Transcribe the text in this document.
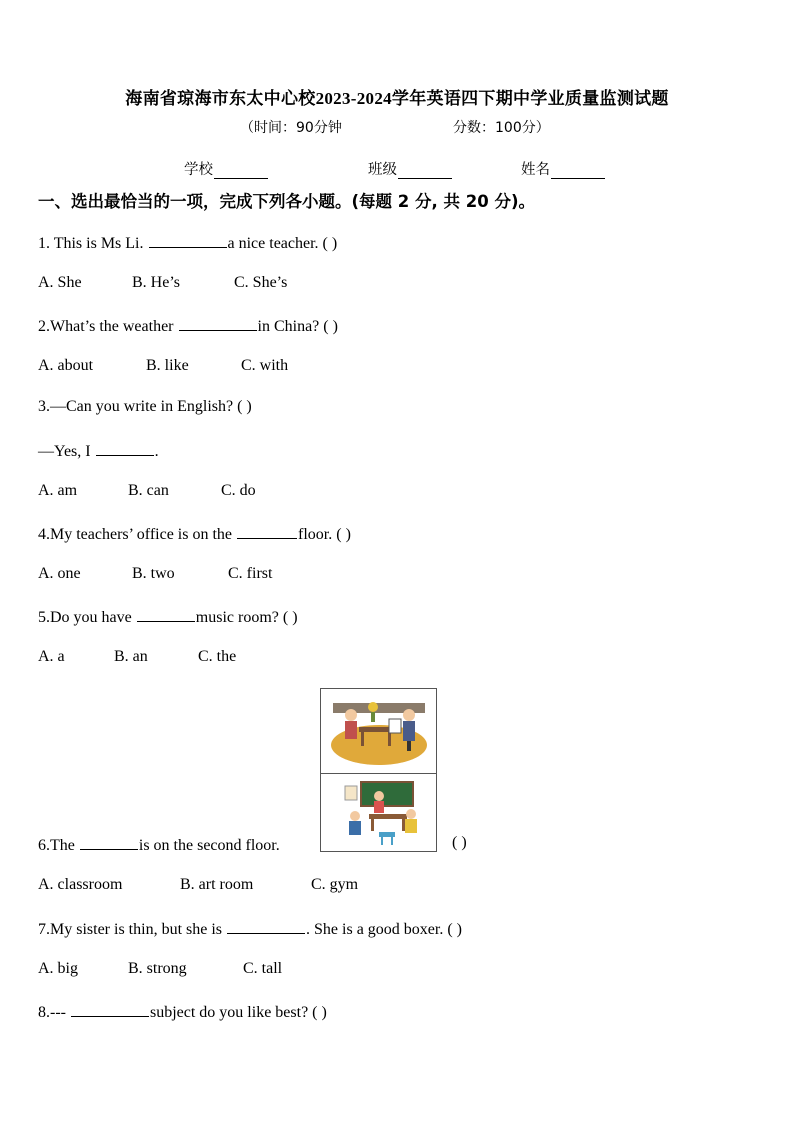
海南省琼海市东太中心校2023-2024学年英语四下期中学业质量监测试题
（时间：90分钟	分数：100分）
学校	班级	姓名
一、选出最恰当的一项，完成下列各小题。(每题 2 分, 共 20 分)。
1. This is Ms Li.	a nice teacher. ( )
A. She	B. He’s	C. She’s
2.What’s the weather	in China? ( )
A. about	B. like	C. with
3.—Can you write in English? ( )
—Yes, I	.
A. am	B. can	C. do
4.My teachers’ office is on the	floor. ( )
A. one	B. two	C. first
5.Do you have	music room? ( )
A. a	B. an	C. the
6.The	is on the second floor.	( )
A. classroom	B. art room	C. gym
7.My sister is thin, but she is	. She is a good boxer. ( )
A. big	B. strong	C. tall
8.---	subject do you like best? ( )
